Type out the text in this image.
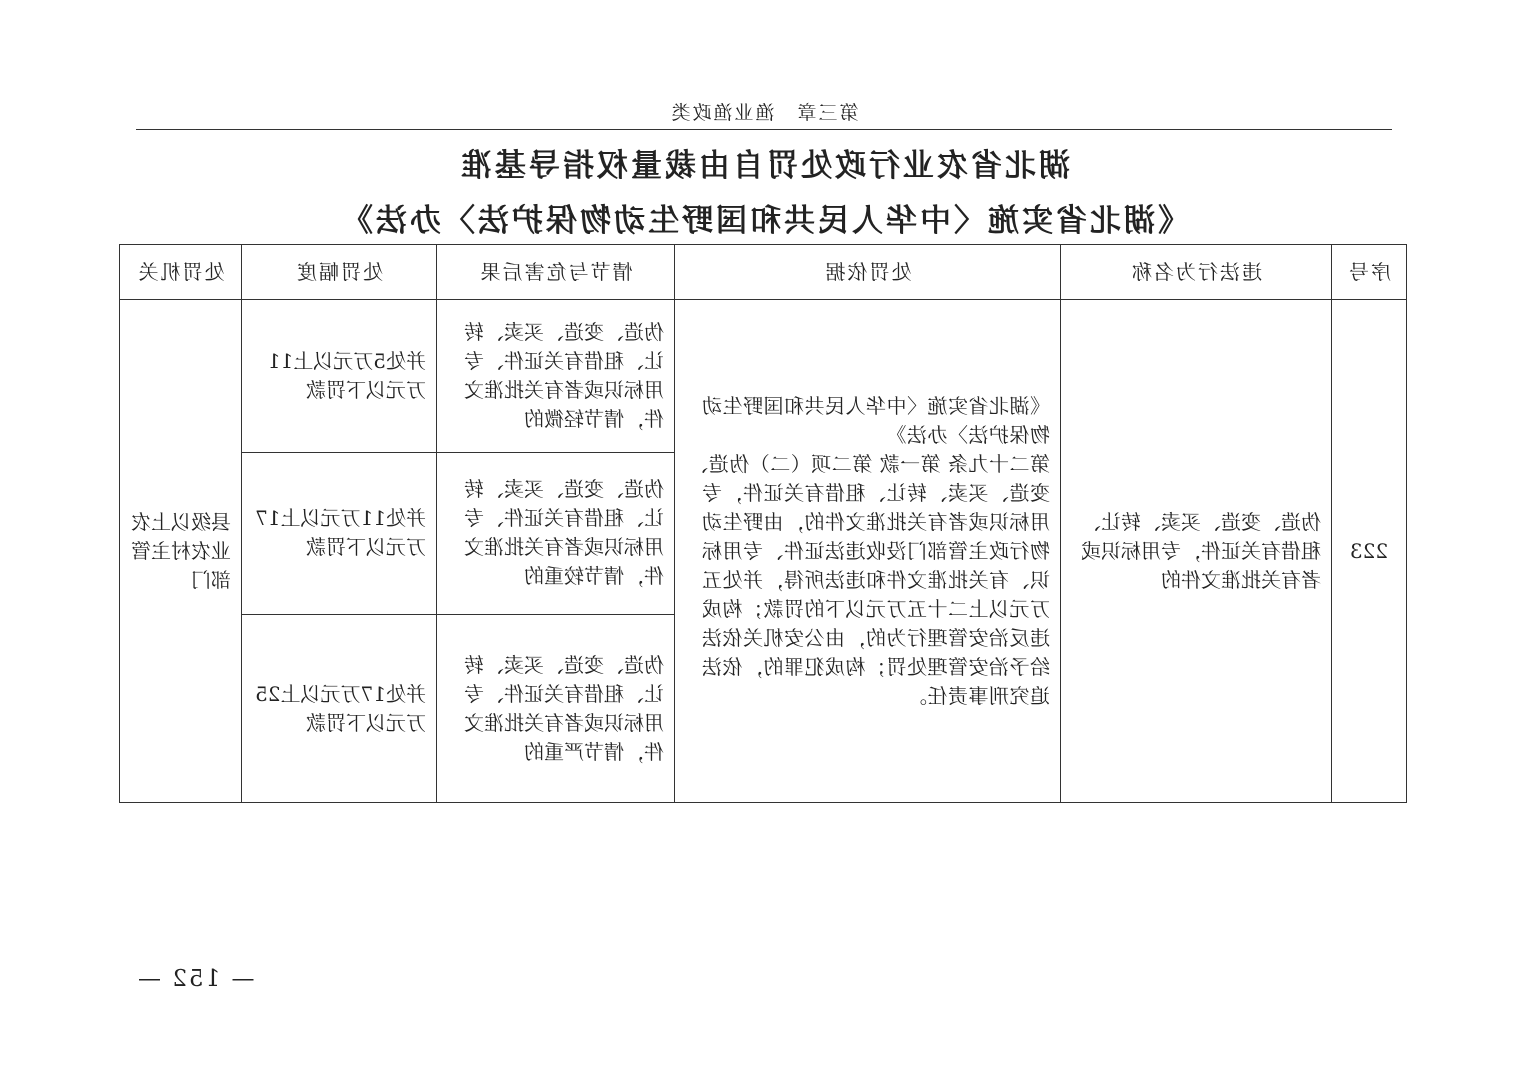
第三章　渔业渔政类
湖北省农业行政处罚自由裁量权指导基准
《湖北省实施〈中华人民共和国野生动物保护法〉办法》
序号	违法行为名称	处罚依据	情节与危害后果	处罚幅度	处罚机关
223	伪造、变造、买卖、转让、租借有关证件，专用标识或者有关批准文件的	《湖北省实施〈中华人民共和国野生动物保护法〉办法》
第二十九条 第一款 第二项（二）伪造、变造、买卖、转让、租借有关证件，专用标识或者有关批准文件的，由野生动物行政主管部门没收违法证件、专用标识、有关批准文件和违法所得，并处五万元以上二十五万元以下的罚款；构成违反治安管理行为的，由公安机关依法给予治安管理处罚；构成犯罪的，依法追究刑事责任。	伪造、变造、买卖、转让、租借有关证件、专用标识或者有关批准文件，情节轻微的	并处5万元以上11万元以下罚款	县级以上农业农村主管部门
			伪造、变造、买卖、转让、租借有关证件、专用标识或者有关批准文件，情节较重的	并处11万元以上17万元以下罚款	
			伪造、变造、买卖、转让、租借有关证件、专用标识或者有关批准文件，情节严重的	并处17万元以上25万元以下罚款	
— 152 —
